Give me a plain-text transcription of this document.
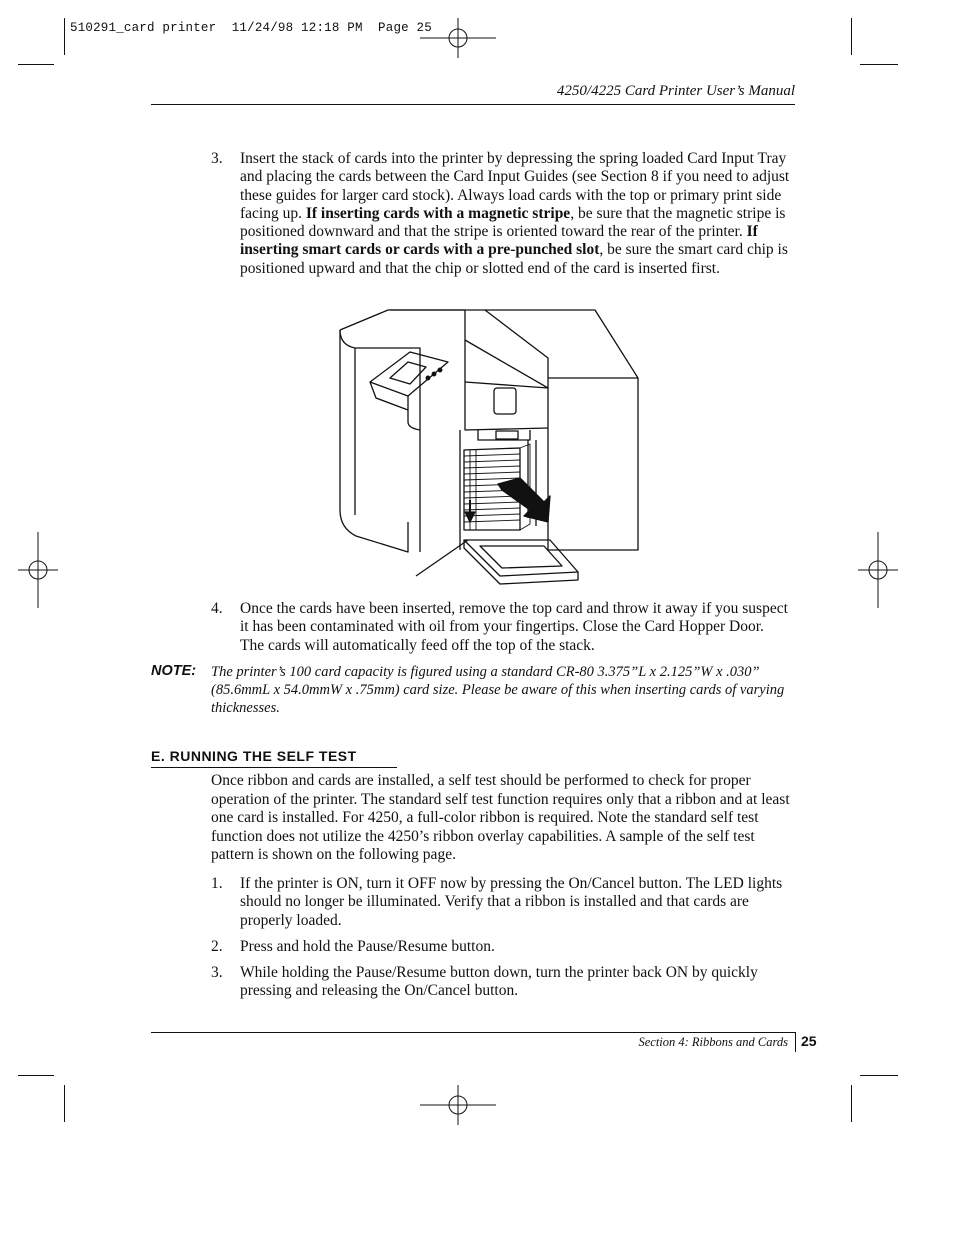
510291_card printer  11/24/98 12:18 PM  Page 25
4250/4225 Card Printer User’s Manual
3. Insert the stack of cards into the printer by depressing the spring loaded Card Input Tray and placing the cards between the Card Input Guides (see Section 8 if you need to adjust these guides for larger card stock). Always load cards with the top or primary print side facing up. If inserting cards with a magnetic stripe, be sure that the magnetic stripe is positioned downward and that the stripe is oriented toward the rear of the printer. If inserting smart cards or cards with a pre-punched slot, be sure the smart card chip is positioned upward and that the chip or slotted end of the card is inserted first.
4. Once the cards have been inserted, remove the top card and throw it away if you suspect it has been contaminated with oil from your fingertips. Close the Card Hopper Door. The cards will automatically feed off the top of the stack.
NOTE: The printer’s 100 card capacity is figured using a standard CR-80 3.375”L x 2.125”W x .030” (85.6mmL x 54.0mmW x .75mm) card size. Please be aware of this when inserting cards of varying thicknesses.
E. RUNNING THE SELF TEST
Once ribbon and cards are installed, a self test should be performed to check for proper operation of the printer. The standard self test function requires only that a ribbon and at least one card is installed. For 4250, a full-color ribbon is required. Note the standard self test function does not utilize the 4250’s ribbon overlay capabilities. A sample of the self test pattern is shown on the following page.
1. If the printer is ON, turn it OFF now by pressing the On/Cancel button. The LED lights should no longer be illuminated. Verify that a ribbon is installed and that cards are properly loaded.
2. Press and hold the Pause/Resume button.
3. While holding the Pause/Resume button down, turn the printer back ON by quickly pressing and releasing the On/Cancel button.
Section 4: Ribbons and Cards 25
